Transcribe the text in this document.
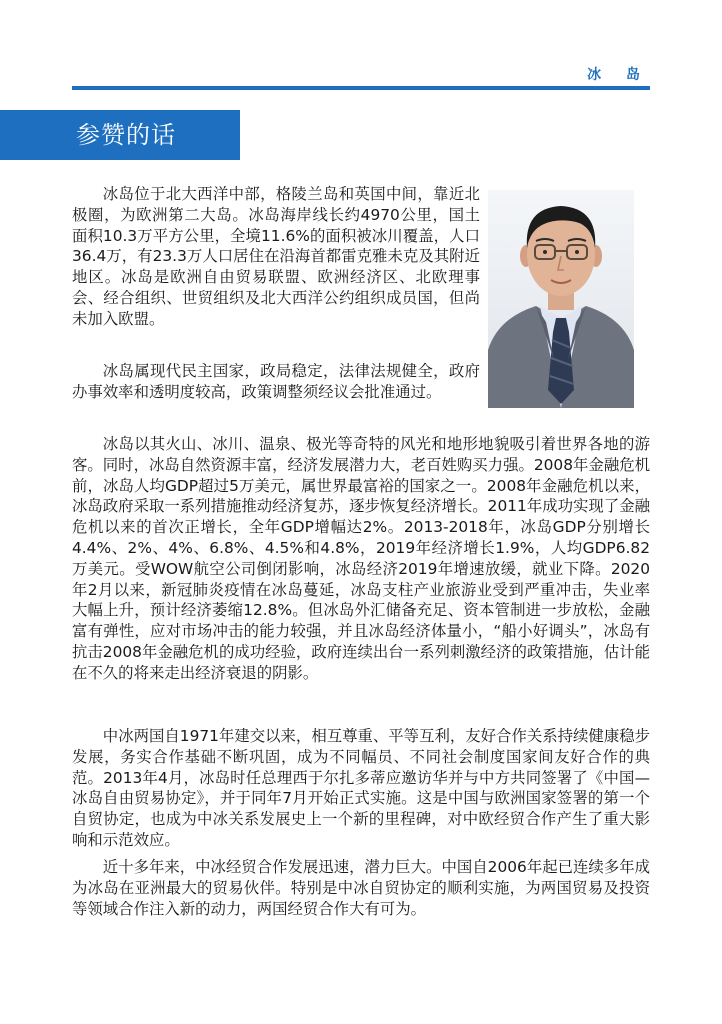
冰 岛
参赞的话

冰岛位于北大西洋中部，格陵兰岛和英国中间，靠近北极圈，为欧洲第二大岛。冰岛海岸线长约4970公里，国土面积10.3万平方公里，全境11.6%的面积被冰川覆盖，人口36.4万，有23.3万人口居住在沿海首都雷克雅未克及其附近地区。冰岛是欧洲自由贸易联盟、欧洲经济区、北欧理事会、经合组织、世贸组织及北大西洋公约组织成员国，但尚未加入欧盟。

冰岛属现代民主国家，政局稳定，法律法规健全，政府办事效率和透明度较高，政策调整须经议会批准通过。

冰岛以其火山、冰川、温泉、极光等奇特的风光和地形地貌吸引着世界各地的游客。同时，冰岛自然资源丰富，经济发展潜力大，老百姓购买力强。2008年金融危机前，冰岛人均GDP超过5万美元，属世界最富裕的国家之一。2008年金融危机以来，冰岛政府采取一系列措施推动经济复苏，逐步恢复经济增长。2011年成功实现了金融危机以来的首次正增长，全年GDP增幅达2%。2013-2018年，冰岛GDP分别增长4.4%、2%、4%、6.8%、4.5%和4.8%，2019年经济增长1.9%，人均GDP6.82万美元。受WOW航空公司倒闭影响，冰岛经济2019年增速放缓，就业下降。2020年2月以来，新冠肺炎疫情在冰岛蔓延，冰岛支柱产业旅游业受到严重冲击，失业率大幅上升，预计经济萎缩12.8%。但冰岛外汇储备充足、资本管制进一步放松，金融富有弹性，应对市场冲击的能力较强，并且冰岛经济体量小，“船小好调头”，冰岛有抗击2008年金融危机的成功经验，政府连续出台一系列刺激经济的政策措施，估计能在不久的将来走出经济衰退的阴影。

中冰两国自1971年建交以来，相互尊重、平等互利，友好合作关系持续健康稳步发展，务实合作基础不断巩固，成为不同幅员、不同社会制度国家间友好合作的典范。2013年4月，冰岛时任总理西于尔扎多蒂应邀访华并与中方共同签署了《中国—冰岛自由贸易协定》，并于同年7月开始正式实施。这是中国与欧洲国家签署的第一个自贸协定，也成为中冰关系发展史上一个新的里程碑，对中欧经贸合作产生了重大影响和示范效应。

近十多年来，中冰经贸合作发展迅速，潜力巨大。中国自2006年起已连续多年成为冰岛在亚洲最大的贸易伙伴。特别是中冰自贸协定的顺利实施，为两国贸易及投资等领域合作注入新的动力，两国经贸合作大有可为。
